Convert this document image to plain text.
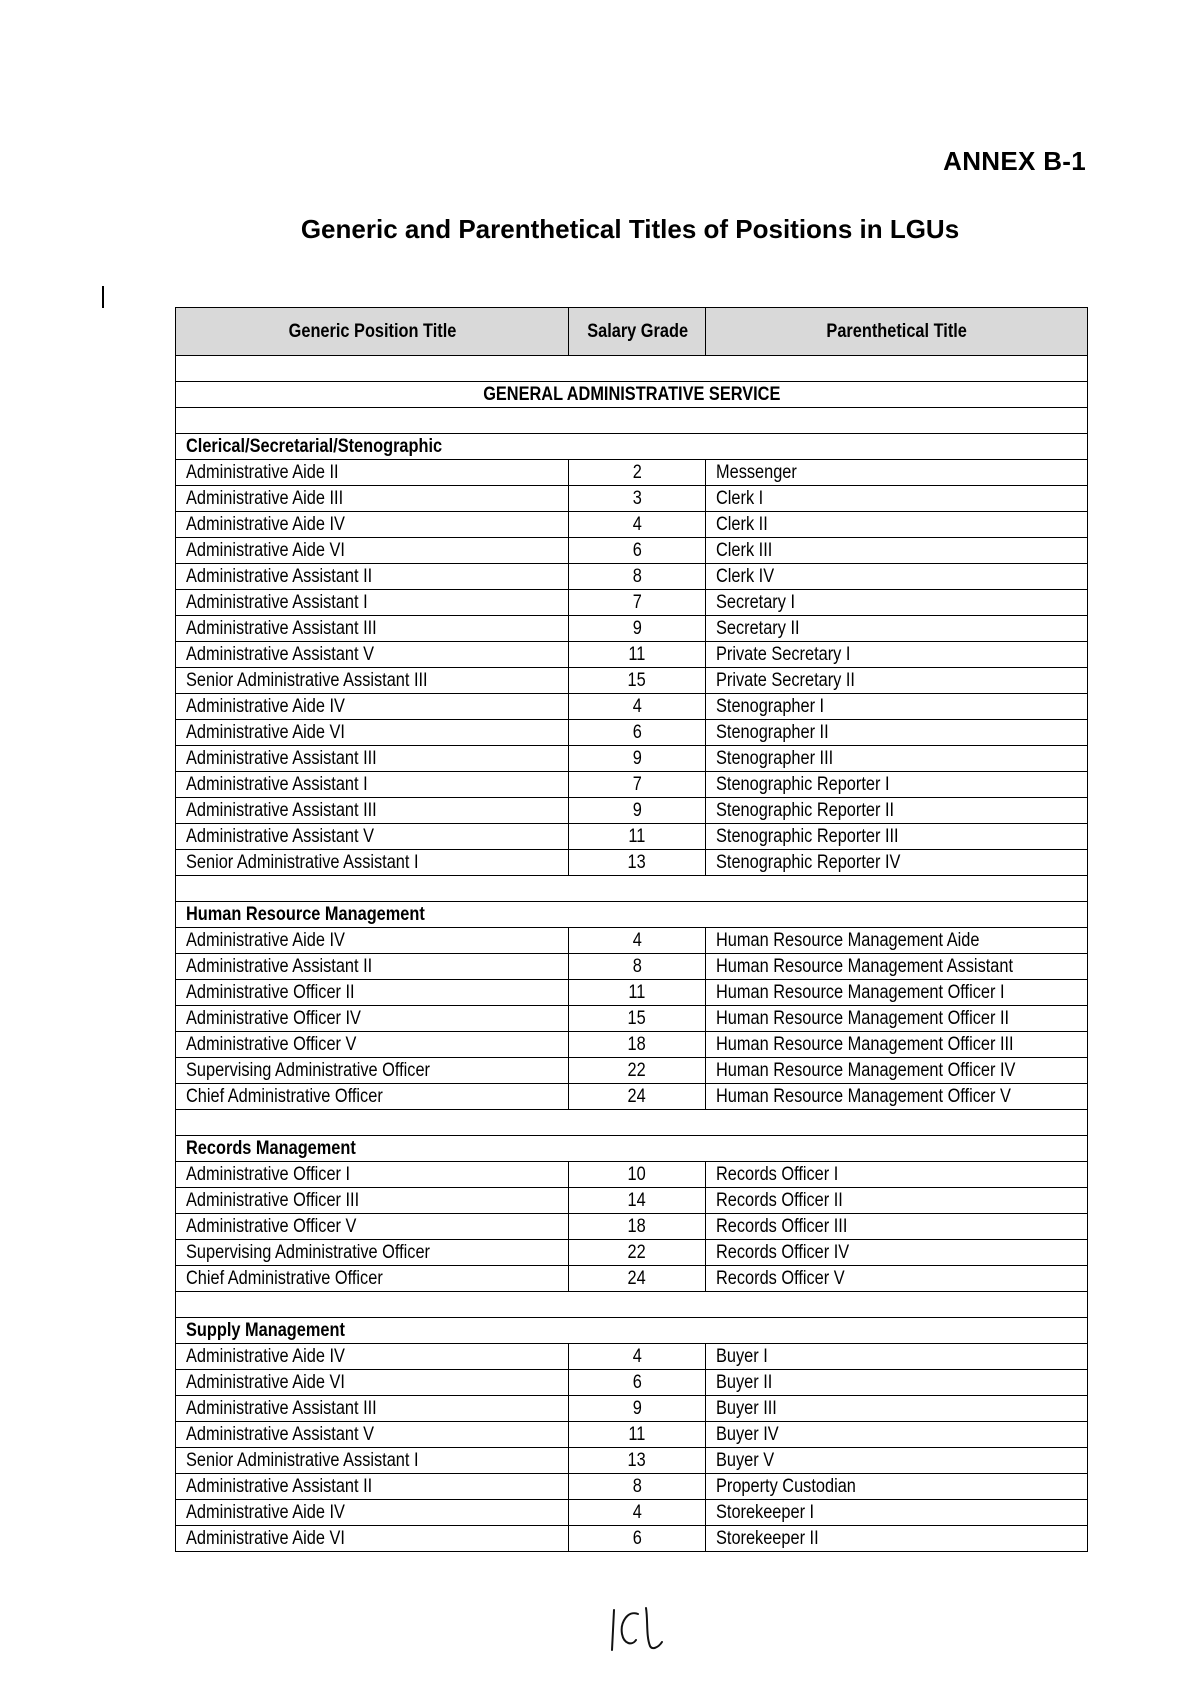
ANNEX B-1
Generic and Parenthetical Titles of Positions in LGUs
Generic Position Title	Salary Grade	Parenthetical Title

GENERAL ADMINISTRATIVE SERVICE		

Clerical/Secretarial/Stenographic		
Administrative Aide II	2	Messenger
Administrative Aide III	3	Clerk I
Administrative Aide IV	4	Clerk II
Administrative Aide VI	6	Clerk III
Administrative Assistant II	8	Clerk IV
Administrative Assistant I	7	Secretary I
Administrative Assistant III	9	Secretary II
Administrative Assistant V	11	Private Secretary I
Senior Administrative Assistant III	15	Private Secretary II
Administrative Aide IV	4	Stenographer I
Administrative Aide VI	6	Stenographer II
Administrative Assistant III	9	Stenographer III
Administrative Assistant I	7	Stenographic Reporter I
Administrative Assistant III	9	Stenographic Reporter II
Administrative Assistant V	11	Stenographic Reporter III
Senior Administrative Assistant I	13	Stenographic Reporter IV

Human Resource Management		
Administrative Aide IV	4	Human Resource Management Aide
Administrative Assistant II	8	Human Resource Management Assistant
Administrative Officer II	11	Human Resource Management Officer I
Administrative Officer IV	15	Human Resource Management Officer II
Administrative Officer V	18	Human Resource Management Officer III
Supervising Administrative Officer	22	Human Resource Management Officer IV
Chief Administrative Officer	24	Human Resource Management Officer V

Records Management		
Administrative Officer I	10	Records Officer I
Administrative Officer III	14	Records Officer II
Administrative Officer V	18	Records Officer III
Supervising Administrative Officer	22	Records Officer IV
Chief Administrative Officer	24	Records Officer V

Supply Management		
Administrative Aide IV	4	Buyer I
Administrative Aide VI	6	Buyer II
Administrative Assistant III	9	Buyer III
Administrative Assistant V	11	Buyer IV
Senior Administrative Assistant I	13	Buyer V
Administrative Assistant II	8	Property Custodian
Administrative Aide IV	4	Storekeeper I
Administrative Aide VI	6	Storekeeper II
